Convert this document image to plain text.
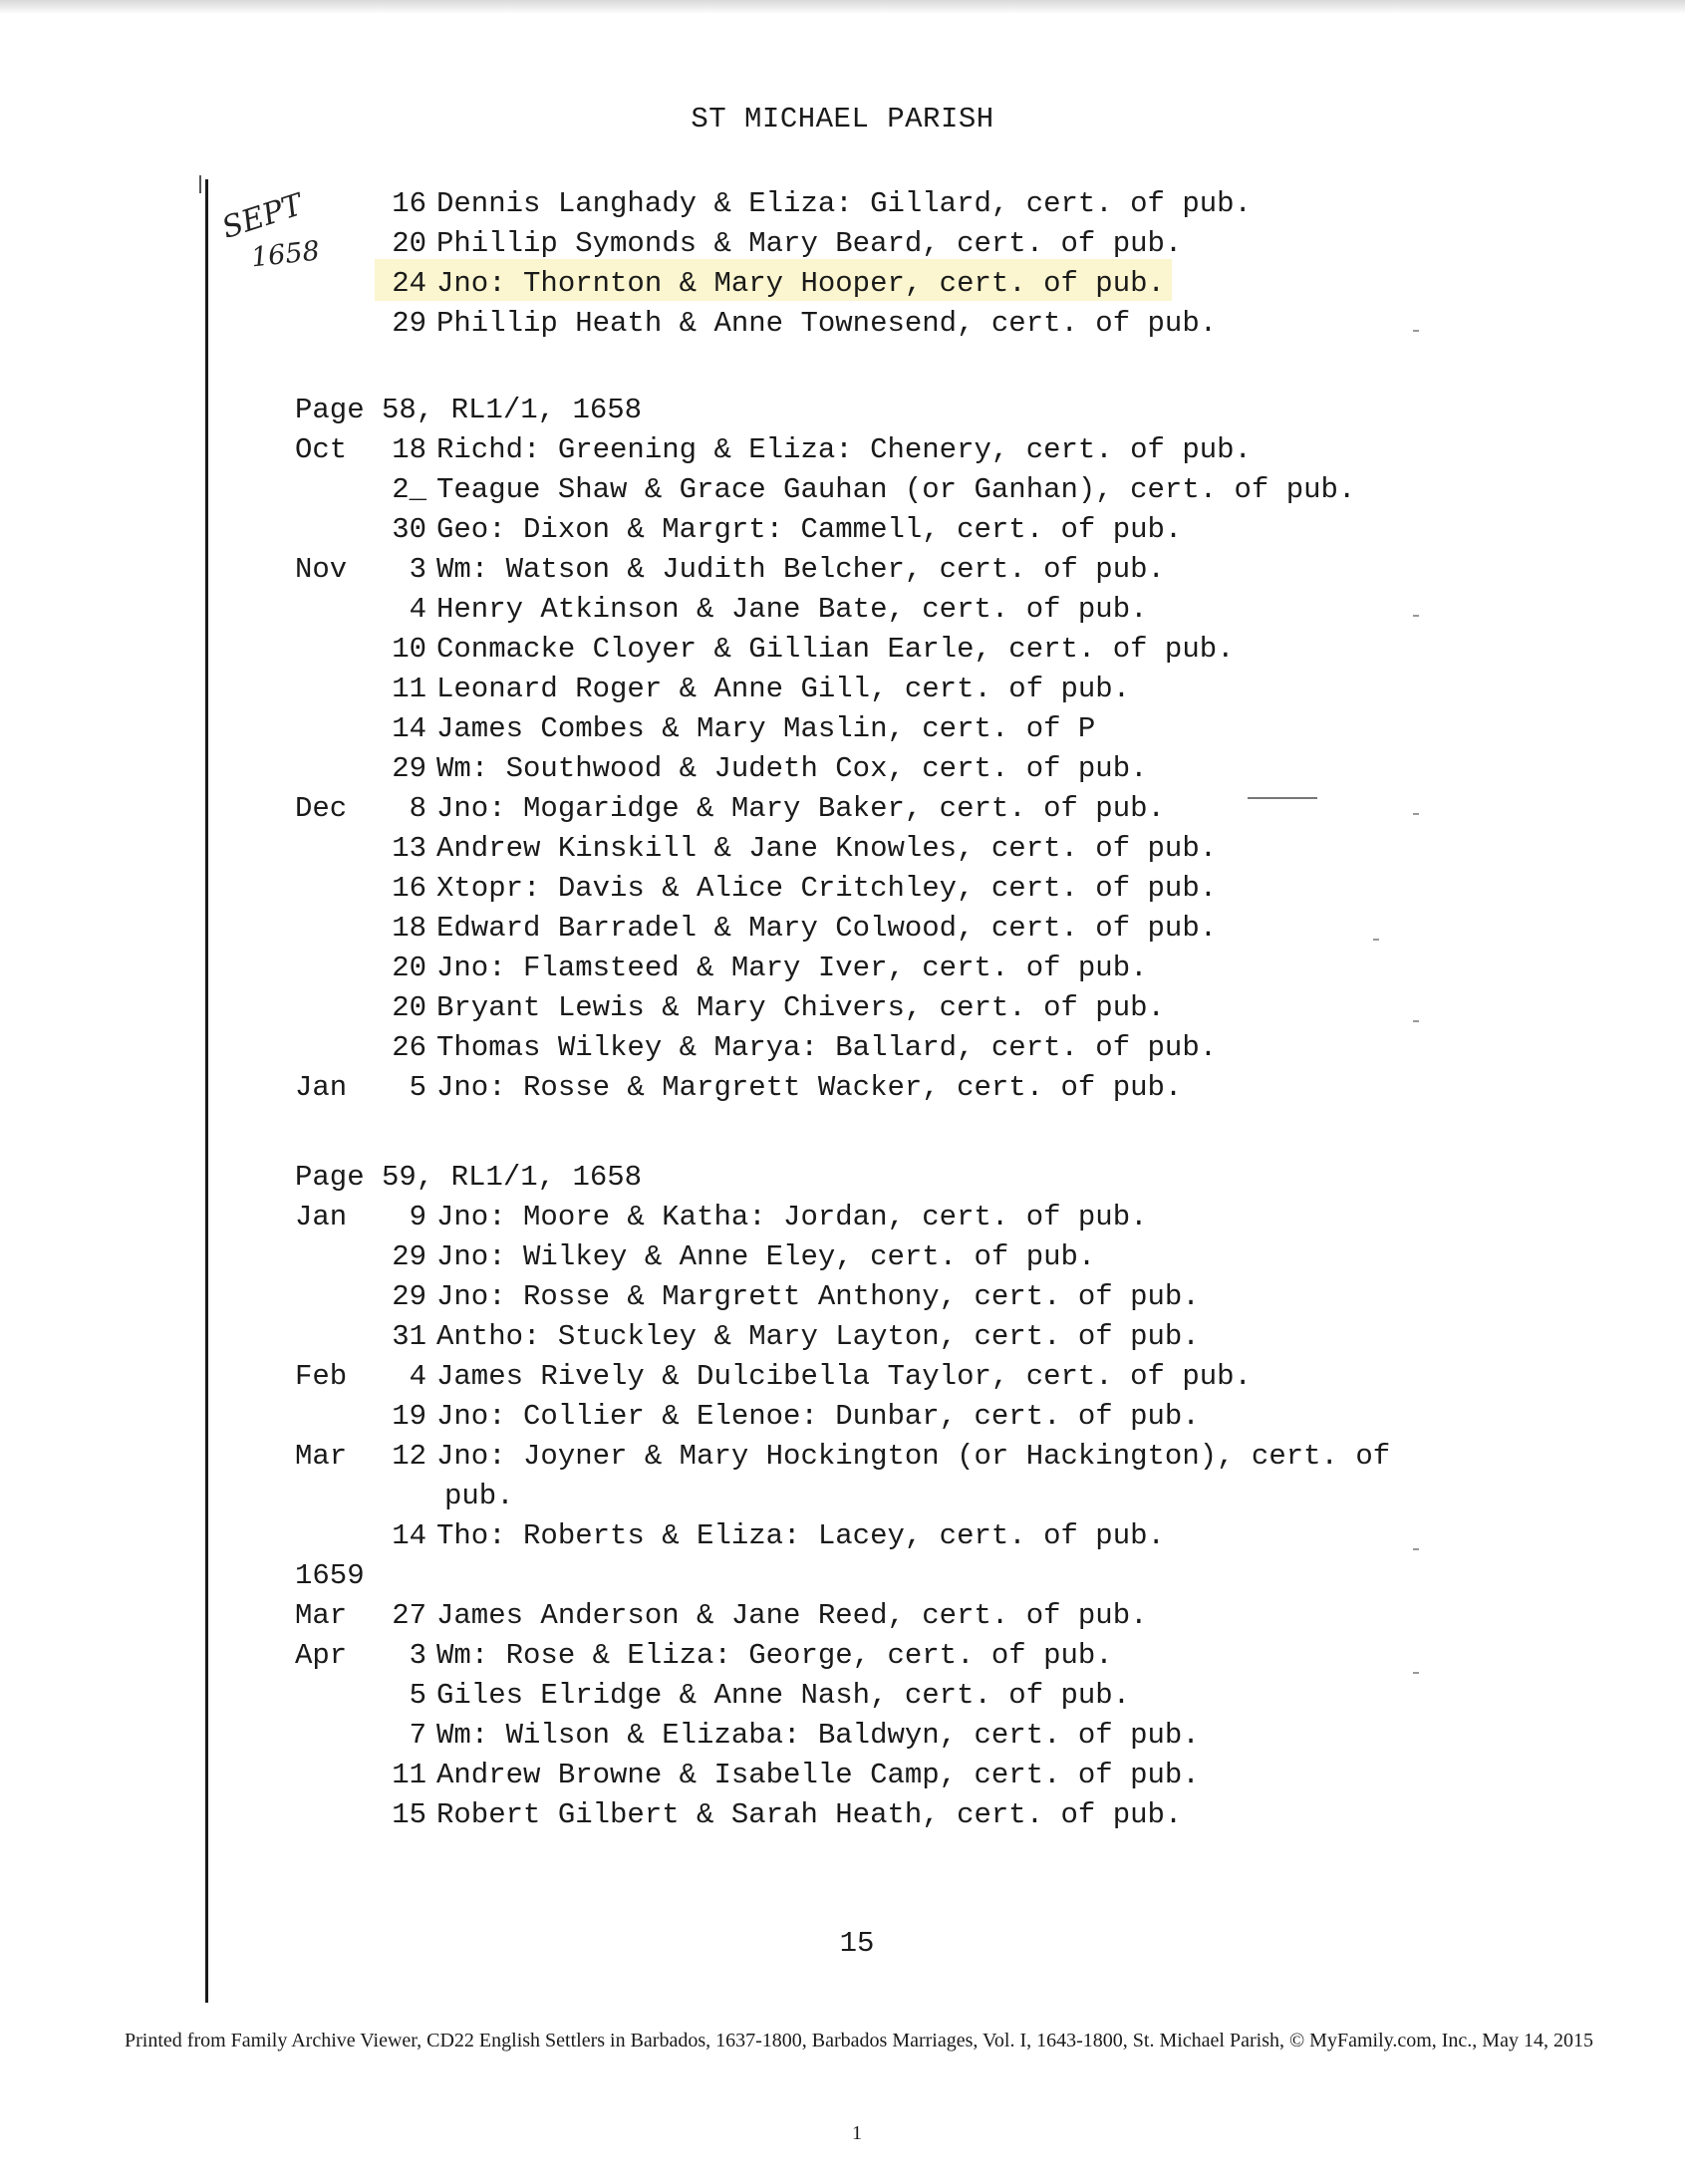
ST MICHAEL PARISH
SEPT
1658
16 Dennis Langhady & Eliza: Gillard, cert. of pub.
20 Phillip Symonds & Mary Beard, cert. of pub.
24 Jno: Thornton & Mary Hooper, cert. of pub.
29 Phillip Heath & Anne Townesend, cert. of pub.
Page 58, RL1/1, 1658
Oct	18 Richd: Greening & Eliza: Chenery, cert. of pub.
2_ Teague Shaw & Grace Gauhan (or Ganhan), cert. of pub.
30 Geo: Dixon & Margrt: Cammell, cert. of pub.
Nov	3 Wm: Watson & Judith Belcher, cert. of pub.
4 Henry Atkinson & Jane Bate, cert. of pub.
10 Conmacke Cloyer & Gillian Earle, cert. of pub.
11 Leonard Roger & Anne Gill, cert. of pub.
14 James Combes & Mary Maslin, cert. of P
29 Wm: Southwood & Judeth Cox, cert. of pub.
Dec	8 Jno: Mogaridge & Mary Baker, cert. of pub.
13 Andrew Kinskill & Jane Knowles, cert. of pub.
16 Xtopr: Davis & Alice Critchley, cert. of pub.
18 Edward Barradel & Mary Colwood, cert. of pub.
20 Jno: Flamsteed & Mary Iver, cert. of pub.
20 Bryant Lewis & Mary Chivers, cert. of pub.
26 Thomas Wilkey & Marya: Ballard, cert. of pub.
Jan	5 Jno: Rosse & Margrett Wacker, cert. of pub.
Page 59, RL1/1, 1658
Jan	9 Jno: Moore & Katha: Jordan, cert. of pub.
29 Jno: Wilkey & Anne Eley, cert. of pub.
29 Jno: Rosse & Margrett Anthony, cert. of pub.
31 Antho: Stuckley & Mary Layton, cert. of pub.
Feb	4 James Rively & Dulcibella Taylor, cert. of pub.
19 Jno: Collier & Elenoe: Dunbar, cert. of pub.
Mar	12 Jno: Joyner & Mary Hockington (or Hackington), cert. of
pub.
14 Tho: Roberts & Eliza: Lacey, cert. of pub.
1659
Mar	27 James Anderson & Jane Reed, cert. of pub.
Apr	3 Wm: Rose & Eliza: George, cert. of pub.
5 Giles Elridge & Anne Nash, cert. of pub.
7 Wm: Wilson & Elizaba: Baldwyn, cert. of pub.
11 Andrew Browne & Isabelle Camp, cert. of pub.
15 Robert Gilbert & Sarah Heath, cert. of pub.
15
Printed from Family Archive Viewer, CD22 English Settlers in Barbados, 1637-1800, Barbados Marriages, Vol. I, 1643-1800, St. Michael Parish, © MyFamily.com, Inc., May 14, 2015
1
